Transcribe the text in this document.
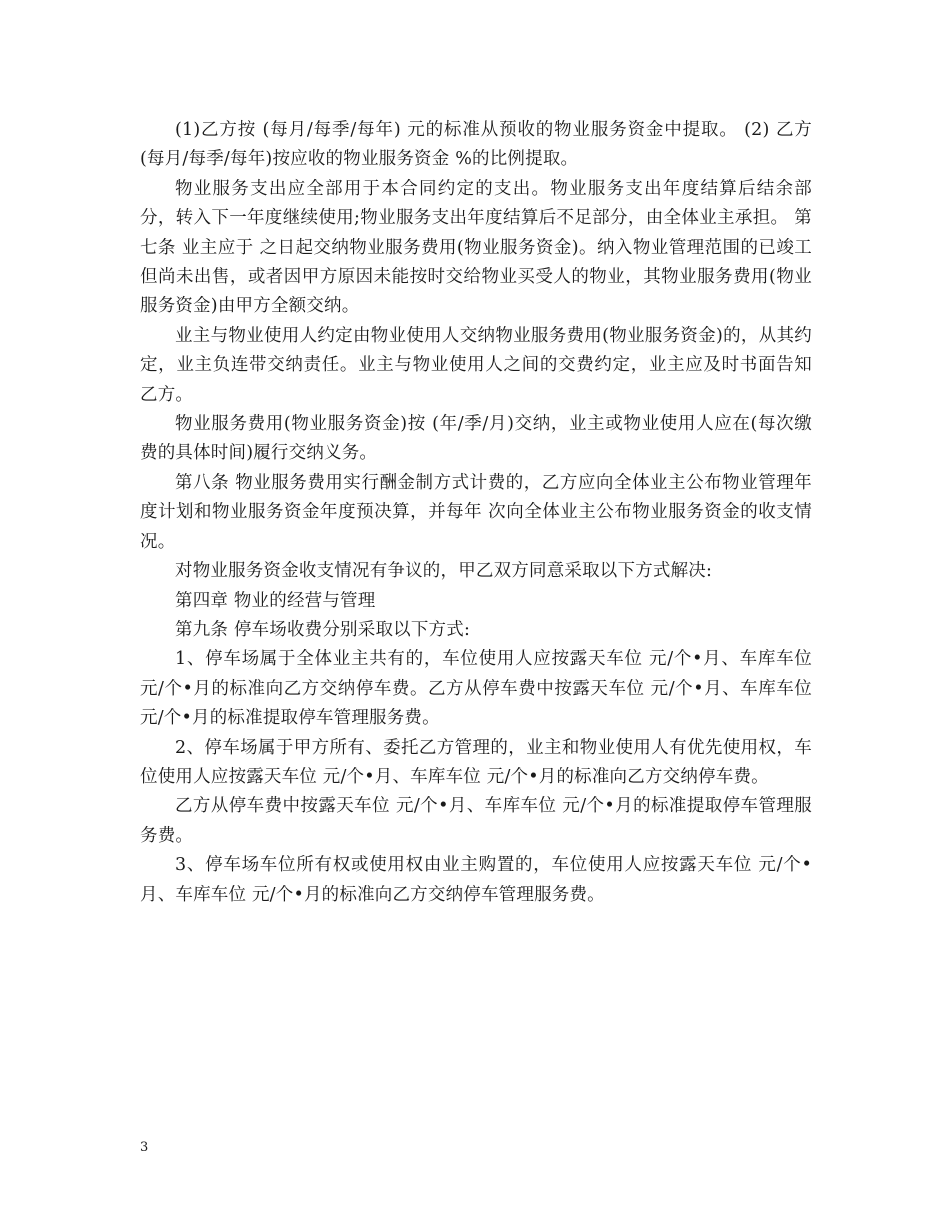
(1)乙方按 (每月/每季/每年) 元的标准从预收的物业服务资金中提取。 (2) 乙方 (每月/每季/每年)按应收的物业服务资金 %的比例提取。

物业服务支出应全部用于本合同约定的支出。物业服务支出年度结算后结余部分，转入下一年度继续使用;物业服务支出年度结算后不足部分，由全体业主承担。 第七条 业主应于 之日起交纳物业服务费用(物业服务资金)。纳入物业管理范围的已竣工但尚未出售，或者因甲方原因未能按时交给物业买受人的物业，其物业服务费用(物业服务资金)由甲方全额交纳。

业主与物业使用人约定由物业使用人交纳物业服务费用(物业服务资金)的，从其约定，业主负连带交纳责任。业主与物业使用人之间的交费约定，业主应及时书面告知乙方。

物业服务费用(物业服务资金)按 (年/季/月)交纳，业主或物业使用人应在(每次缴费的具体时间)履行交纳义务。

第八条 物业服务费用实行酬金制方式计费的，乙方应向全体业主公布物业管理年度计划和物业服务资金年度预决算，并每年 次向全体业主公布物业服务资金的收支情况。

对物业服务资金收支情况有争议的，甲乙双方同意采取以下方式解决:

第四章 物业的经营与管理

第九条 停车场收费分别采取以下方式:

1、停车场属于全体业主共有的，车位使用人应按露天车位 元/个•月、车库车位 元/个•月的标准向乙方交纳停车费。乙方从停车费中按露天车位 元/个•月、车库车位 元/个•月的标准提取停车管理服务费。

2、停车场属于甲方所有、委托乙方管理的，业主和物业使用人有优先使用权，车位使用人应按露天车位 元/个•月、车库车位 元/个•月的标准向乙方交纳停车费。

乙方从停车费中按露天车位 元/个•月、车库车位 元/个•月的标准提取停车管理服务费。

3、停车场车位所有权或使用权由业主购置的，车位使用人应按露天车位 元/个•月、车库车位 元/个•月的标准向乙方交纳停车管理服务费。

3
